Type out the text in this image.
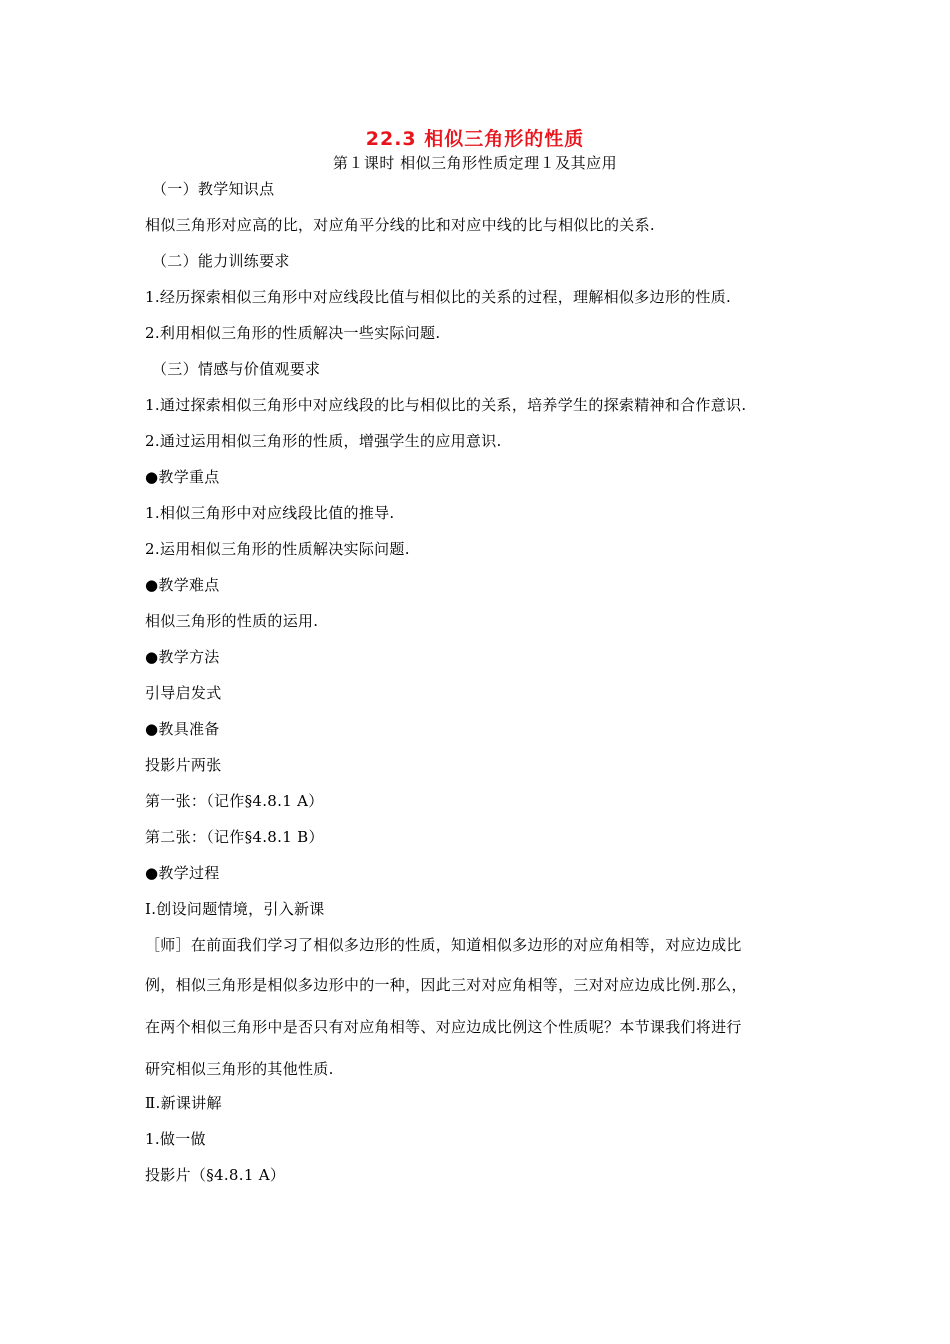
22.3 相似三角形的性质
第１课时 相似三角形性质定理１及其应用
（一）教学知识点
相似三角形对应高的比，对应角平分线的比和对应中线的比与相似比的关系.
（二）能力训练要求
1.经历探索相似三角形中对应线段比值与相似比的关系的过程，理解相似多边形的性质.
2.利用相似三角形的性质解决一些实际问题.
（三）情感与价值观要求
1.通过探索相似三角形中对应线段的比与相似比的关系，培养学生的探索精神和合作意识.
2.通过运用相似三角形的性质，增强学生的应用意识.
●教学重点
1.相似三角形中对应线段比值的推导.
2.运用相似三角形的性质解决实际问题.
●教学难点
相似三角形的性质的运用.
●教学方法
引导启发式
●教具准备
投影片两张
第一张：（记作§4.8.1 A）
第二张：（记作§4.8.1 B）
●教学过程
Ⅰ.创设问题情境，引入新课
［师］在前面我们学习了相似多边形的性质，知道相似多边形的对应角相等，对应边成比
例，相似三角形是相似多边形中的一种，因此三对对应角相等，三对对应边成比例.那么，
在两个相似三角形中是否只有对应角相等、对应边成比例这个性质呢？本节课我们将进行
研究相似三角形的其他性质.
Ⅱ.新课讲解
1.做一做
投影片（§4.8.1 A）
